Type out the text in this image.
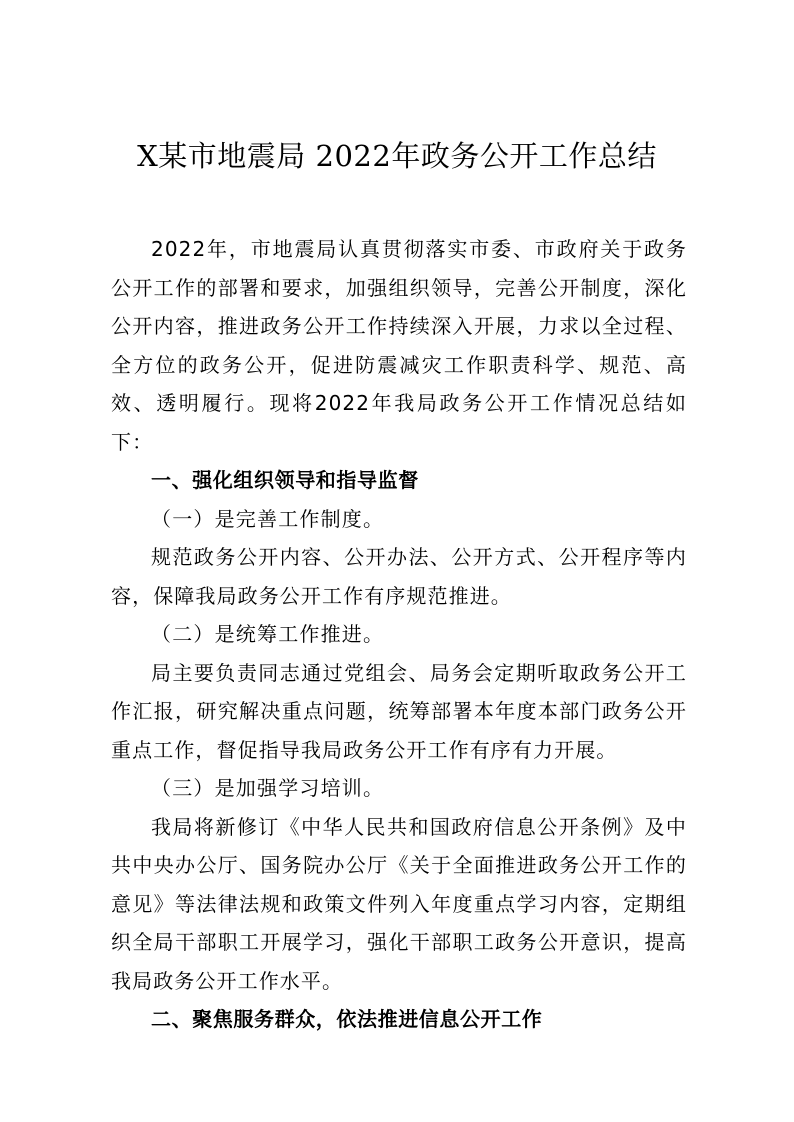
X某市地震局 2022年政务公开工作总结

2022年，市地震局认真贯彻落实市委、市政府关于政务公开工作的部署和要求，加强组织领导，完善公开制度，深化公开内容，推进政务公开工作持续深入开展，力求以全过程、全方位的政务公开，促进防震减灾工作职责科学、规范、高效、透明履行。现将2022年我局政务公开工作情况总结如下：

一、强化组织领导和指导监督

（一）是完善工作制度。

规范政务公开内容、公开办法、公开方式、公开程序等内容，保障我局政务公开工作有序规范推进。

（二）是统筹工作推进。

局主要负责同志通过党组会、局务会定期听取政务公开工作汇报，研究解决重点问题，统筹部署本年度本部门政务公开重点工作，督促指导我局政务公开工作有序有力开展。

（三）是加强学习培训。

我局将新修订《中华人民共和国政府信息公开条例》及中共中央办公厅、国务院办公厅《关于全面推进政务公开工作的意见》等法律法规和政策文件列入年度重点学习内容，定期组织全局干部职工开展学习，强化干部职工政务公开意识，提高我局政务公开工作水平。

二、聚焦服务群众，依法推进信息公开工作
